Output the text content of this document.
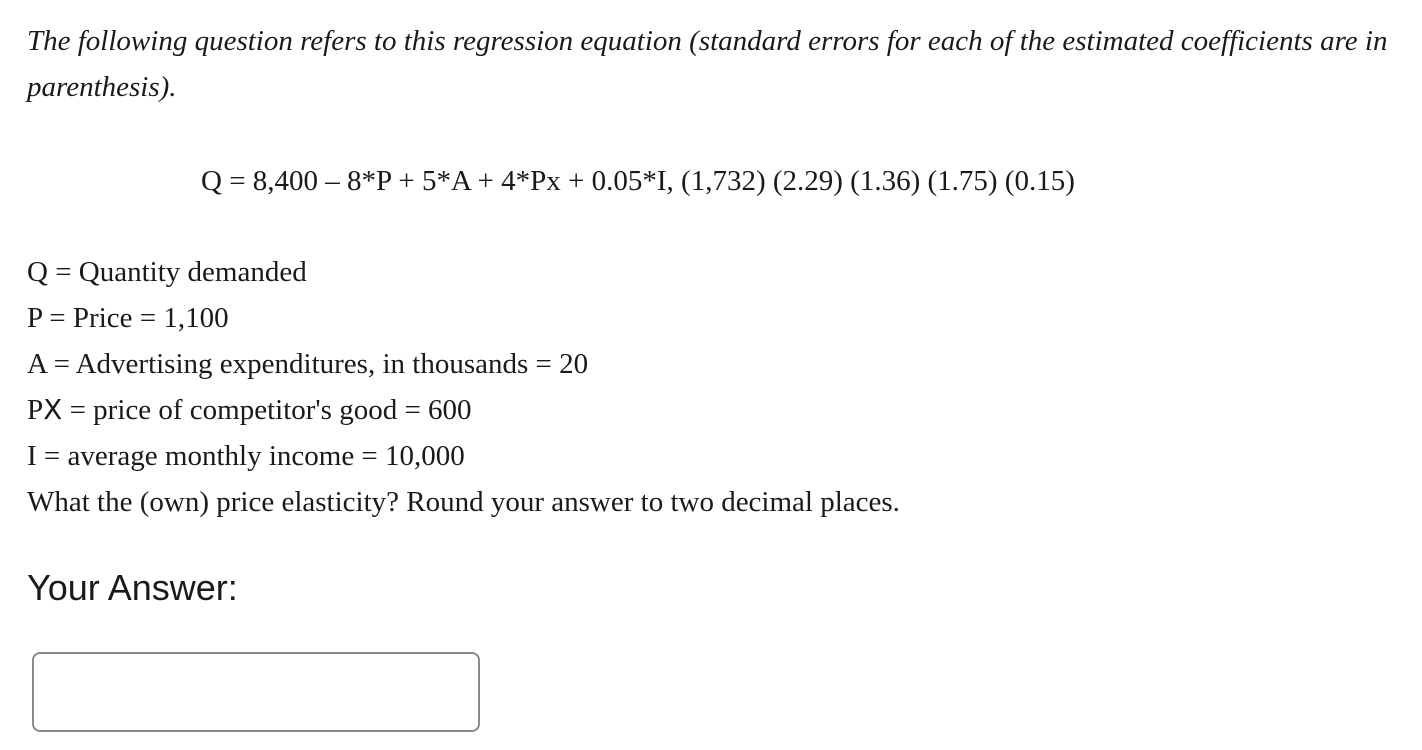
The following question refers to this regression equation (standard errors for each of the estimated coefficients are in parenthesis).

Q = 8,400 – 8*P + 5*A + 4*Px + 0.05*I, (1,732) (2.29) (1.36) (1.75) (0.15)
Q = Quantity demanded
P = Price = 1,100
A = Advertising expenditures, in thousands = 20
PX = price of competitor's good = 600
I = average monthly income = 10,000
What the (own) price elasticity? Round your answer to two decimal places.
Your Answer:
